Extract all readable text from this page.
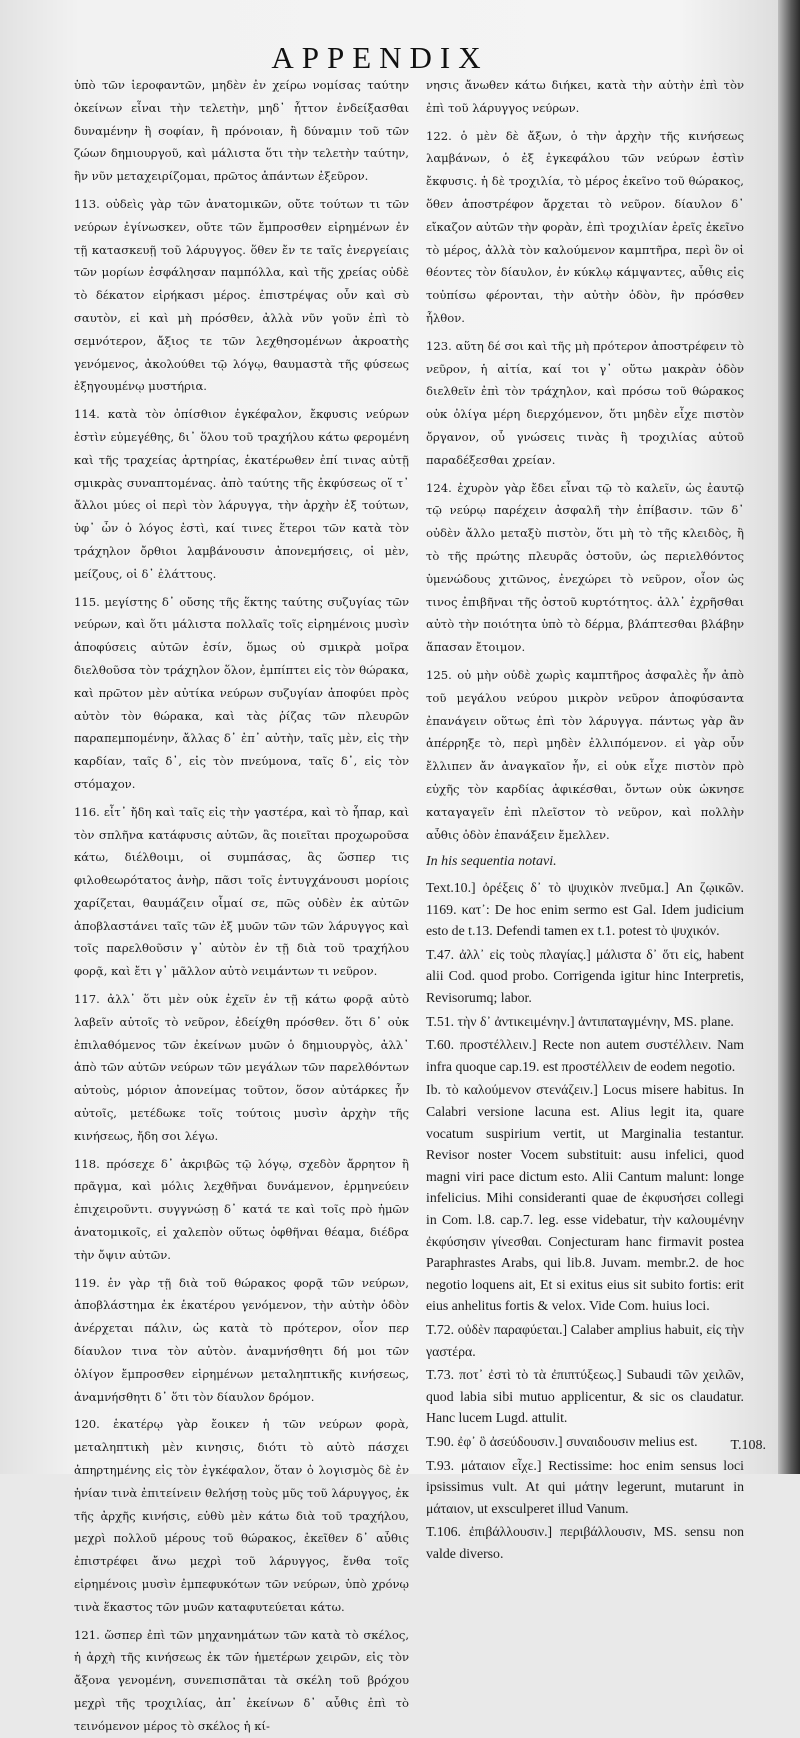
APPENDIX

ὑπὸ τῶν ἱεροφαντῶν, μηδὲν ἐν χείρω νομίσας ταύτην ὀκείνων εἶναι τὴν τελετὴν, μηδ᾽ ἧττον ἐνδείξασθαι δυναμένην ἢ σοφίαν, ἢ πρόνοιαν, ἢ δύναμιν τοῦ τῶν ζώων δημιουργοῦ, καὶ μάλιστα ὅτι τὴν τελετὴν ταύτην, ἣν νῦν μεταχειρίζομαι, πρῶτος ἁπάντων ἐξεῦρον.

113. οὐδεὶς γὰρ τῶν ἀνατομικῶν, οὔτε τούτων τι τῶν νεύρων ἐγίνωσκεν, οὔτε τῶν ἔμπροσθεν εἰρημένων ἐν τῇ κατασκευῇ τοῦ λάρυγγος. ὅθεν ἔν τε ταῖς ἐνεργείαις τῶν μορίων ἐσφάλησαν παμπόλλα, καὶ τῆς χρείας οὐδὲ τὸ δέκατον εἰρήκασι μέρος. ἐπιστρέψας οὖν καὶ σὺ σαυτὸν, εἰ καὶ μὴ πρόσθεν, ἀλλὰ νῦν γοῦν ἐπὶ τὸ σεμνότερον, ἄξιος τε τῶν λεχθησομένων ἀκροατὴς γενόμενος, ἀκολούθει τῷ λόγῳ, θαυμαστὰ τῆς φύσεως ἐξηγουμένῳ μυστήρια.

114. κατὰ τὸν ὀπίσθιον ἐγκέφαλον, ἔκφυσις νεύρων ἐστὶν εὐμεγέθης, δι᾽ ὅλου τοῦ τραχήλου κάτω φερομένη καὶ τῆς τραχείας ἀρτηρίας, ἑκατέρωθεν ἐπί τινας αὐτῇ σμικρὰς συναπτομένας. ἀπὸ ταύτης τῆς ἐκφύσεως οἵ τ᾽ ἄλλοι μύες οἱ περὶ τὸν λάρυγγα, τὴν ἀρχὴν ἐξ τούτων, ὑφ᾽ ὧν ὁ λόγος ἐστὶ, καί τινες ἕτεροι τῶν κατὰ τὸν τράχηλον ὄρθιοι λαμβάνουσιν ἀπονεμήσεις, οἱ μὲν, μείζους, οἱ δ᾽ ἐλάττους.

115. μεγίστης δ᾽ οὔσης τῆς ἕκτης ταύτης συζυγίας τῶν νεύρων, καὶ ὅτι μάλιστα πολλαῖς τοῖς εἰρημένοις μυσὶν ἀποφύσεις αὐτῶν ἐσίν, ὅμως οὐ σμικρὰ μοῖρα διελθοῦσα τὸν τράχηλον ὅλον, ἐμπίπτει εἰς τὸν θώρακα, καὶ πρῶτον μὲν αὐτίκα νεύρων συζυγίαν ἀποφύει πρὸς αὐτὸν τὸν θώρακα, καὶ τὰς ῥίζας τῶν πλευρῶν παραπεμπομένην, ἄλλας δ᾽ ἐπ᾽ αὐτὴν, ταῖς μὲν, εἰς τὴν καρδίαν, ταῖς δ᾽, εἰς τὸν πνεύμονα, ταῖς δ᾽, εἰς τὸν στόμαχον.

116. εἶτ᾽ ἤδη καὶ ταῖς εἰς τὴν γαστέρα, καὶ τὸ ἧπαρ, καὶ τὸν σπλῆνα κατάφυσις αὐτῶν, ἃς ποιεῖται προχωροῦσα κάτω, διέλθοιμι, οἱ συμπάσας, ἃς ὥσπερ τις φιλοθεωρότατος ἀνὴρ, πᾶσι τοῖς ἐντυγχάνουσι μορίοις χαρίζεται, θαυμάζειν οἶμαί σε, πῶς οὐδὲν ἐκ αὐτῶν ἀποβλαστάνει ταῖς τῶν ἐξ μυῶν τῶν τῶν λάρυγγος καὶ τοῖς παρελθοῦσιν γ᾽ αὐτὸν ἐν τῇ διὰ τοῦ τραχήλου φορᾷ, καὶ ἔτι γ᾽ μᾶλλον αὐτὸ νειμάντων τι νεῦρον.

117. ἀλλ᾽ ὅτι μὲν οὐκ ἐχεῖν ἐν τῇ κάτω φορᾷ αὐτὸ λαβεῖν αὐτοῖς τὸ νεῦρον, ἐδείχθη πρόσθεν. ὅτι δ᾽ οὐκ ἐπιλαθόμενος τῶν ἐκείνων μυῶν ὁ δημιουργὸς, ἀλλ᾽ ἀπὸ τῶν αὐτῶν νεύρων τῶν μεγάλων τῶν παρελθόντων αὐτοὺς, μόριον ἀπονείμας τοῦτον, ὅσον αὐτάρκες ἦν αὐτοῖς, μετέδωκε τοῖς τούτοις μυσὶν ἀρχὴν τῆς κινήσεως, ἤδη σοι λέγω.

118. πρόσεχε δ᾽ ἀκριβῶς τῷ λόγῳ, σχεδὸν ἄρρητον ἢ πρᾶγμα, καὶ μόλις λεχθῆναι δυνάμενον, ἑρμηνεύειν ἐπιχειροῦντι. συγγνώσῃ δ᾽ κατά τε καὶ τοῖς πρὸ ἡμῶν ἀνατομικοῖς, εἰ χαλεπὸν οὕτως ὀφθῆναι θέαμα, διέδρα τὴν ὄψιν αὐτῶν.

119. ἐν γὰρ τῇ διὰ τοῦ θώρακος φορᾷ τῶν νεύρων, ἀποβλάστημα ἐκ ἑκατέρου γενόμενον, τὴν αὐτὴν ὁδὸν ἀνέρχεται πάλιν, ὡς κατὰ τὸ πρότερον, οἷον περ δίαυλον τινα τὸν αὐτὸν. ἀναμνήσθητι δή μοι τῶν ὀλίγον ἔμπροσθεν εἰρημένων μεταληπτικῆς κινήσεως, ἀναμνήσθητι δ᾽ ὅτι τὸν δίαυλον δρόμον.

120. ἑκατέρῳ γὰρ ἔοικεν ἡ τῶν νεύρων φορὰ, μεταληπτικὴ μὲν κινησις, διότι τὸ αὐτὸ πάσχει ἀπηρτημένης εἰς τὸν ἐγκέφαλον, ὅταν ὁ λογισμὸς δὲ ἐν ἡνίαν τινὰ ἐπιτείνειν θελήσῃ τοὺς μῦς τοῦ λάρυγγος, ἐκ τῆς ἀρχῆς κινήσις, εὐθὺ μὲν κάτω διὰ τοῦ τραχήλου, μεχρὶ πολλοῦ μέρους τοῦ θώρακος, ἐκεῖθεν δ᾽ αὖθις ἐπιστρέφει ἄνω μεχρὶ τοῦ λάρυγγος, ἔνθα τοῖς εἰρημένοις μυσὶν ἐμπεφυκότων τῶν νεύρων, ὑπὸ χρόνῳ τινὰ ἕκαστος τῶν μυῶν καταφυτεύεται κάτω.

121. ὥσπερ ἐπὶ τῶν μηχανημάτων τῶν κατὰ τὸ σκέλος, ἡ ἀρχὴ τῆς κινήσεως ἐκ τῶν ἡμετέρων χειρῶν, εἰς τὸν ἄξονα γενομένη, συνεπισπᾶται τὰ σκέλη τοῦ βρόχου μεχρὶ τῆς τροχιλίας, ἀπ᾽ ἐκείνων δ᾽ αὖθις ἐπὶ τὸ τεινόμενον μέρος τὸ σκέλος ἡ κί-

νησις ἄνωθεν κάτω διήκει, κατὰ τὴν αὐτὴν ἐπὶ τὸν ἐπὶ τοῦ λάρυγγος νεύρων.

122. ὁ μὲν δὲ ἄξων, ὁ τὴν ἀρχὴν τῆς κινήσεως λαμβάνων, ὁ ἐξ ἐγκεφάλου τῶν νεύρων ἐστὶν ἔκφυσις. ἡ δὲ τροχιλία, τὸ μέρος ἐκεῖνο τοῦ θώρακος, ὅθεν ἀποστρέφον ἄρχεται τὸ νεῦρον. δίαυλον δ᾽ εἴκαζον αὐτῶν τὴν φορὰν, ἐπὶ τροχιλίαν ἐρεῖς ἐκεῖνο τὸ μέρος, ἀλλὰ τὸν καλούμενον καμπτῆρα, περὶ ὃν οἱ θέοντες τὸν δίαυλον, ἐν κύκλῳ κάμψαντες, αὖθις εἰς τοὐπίσω φέρονται, τὴν αὐτὴν ὁδὸν, ἣν πρόσθεν ἦλθον.

123. αὕτη δέ σοι καὶ τῆς μὴ πρότερον ἀποστρέφειν τὸ νεῦρον, ἡ αἰτία, καί τοι γ᾽ οὕτω μακρὰν ὁδὸν διελθεῖν ἐπὶ τὸν τράχηλον, καὶ πρόσω τοῦ θώρακος οὐκ ὀλίγα μέρη διερχόμενον, ὅτι μηδὲν εἶχε πιστὸν ὄργανον, οὗ γνώσεις τινὰς ἢ τροχιλίας αὐτοῦ παραδέξεσθαι χρείαν.

124. ἐχυρὸν γὰρ ἔδει εἶναι τῷ τὸ καλεῖν, ὡς ἐαυτῷ τῷ νεύρῳ παρέχειν ἀσφαλῆ τὴν ἐπίβασιν. τῶν δ᾽ οὐδὲν ἄλλο μεταξὺ πιστὸν, ὅτι μὴ τὸ τῆς κλειδὸς, ἢ τὸ τῆς πρώτης πλευρᾶς ὀστοῦν, ὡς περιελθόντος ὑμενώδους χιτῶνος, ἐνεχώρει τὸ νεῦρον, οἷον ὠς τινος ἐπιβῆναι τῆς ὀστοῦ κυρτότητος. ἀλλ᾽ ἐχρῆσθαι αὐτὸ τὴν ποιότητα ὑπὸ τὸ δέρμα, βλάπτεσθαι βλάβην ἅπασαν ἔτοιμον.

125. οὐ μὴν οὐδὲ χωρὶς καμπτῆρος ἀσφαλὲς ἦν ἀπὸ τοῦ μεγάλου νεύρου μικρὸν νεῦρον ἀποφύσαντα ἐπανάγειν οὕτως ἐπὶ τὸν λάρυγγα. πάντως γὰρ ἂν ἀπέρρηξε τὸ, περὶ μηδὲν ἐλλιπόμενον. εἰ γὰρ οὖν ἔλλιπεν ἄν ἀναγκαῖον ἦν, εἰ οὐκ εἶχε πιστὸν πρὸ εὐχῆς τὸν καρδίας ἀφικέσθαι, ὄντων οὐκ ὠκνησε καταγαγεῖν ἐπὶ πλεῖστον τὸ νεῦρον, καὶ πολλὴν αὖθις ὁδὸν ἐπανάξειν ἔμελλεν.

In his sequentia notavi.

Text.10.] ὀρέξεις δ᾽ τὸ ψυχικὸν πνεῦμα.] An ζῳικῶν. 1169. κατ᾽: De hoc enim sermo est Gal. Idem judicium esto de t.13. Defendi tamen ex t.1. potest τὸ ψυχικόν.

T.47. ἀλλ᾽ εἰς τοὺς πλαγίας.] μάλιστα δ᾽ ὅτι εἰς, habent alii Cod. quod probo. Corrigenda igitur hinc Interpretis, Revisorumq; labor.

T.51. τὴν δ᾽ ἀντικειμένην.] ἀντιπαταγμένην, MS. plane.

T.60. προστέλλειν.] Recte non autem συστέλλειν. Nam infra quoque cap.19. est προστέλλειν de eodem negotio.

Ib. τὸ καλούμενον στενάζειν.] Locus misere habitus. In Calabri versione lacuna est. Alius legit ita, quare vocatum suspirium vertit, ut Marginalia testantur. Revisor noster Vocem substituit: ausu infelici, quod magni viri pace dictum esto. Alii Cantum malunt: longe infelicius. Mihi consideranti quae de ἐκφυσήσει collegi in Com. l.8. cap.7. leg. esse videbatur, τὴν καλουμένην ἐκφύσησιν γίνεσθαι. Conjecturam hanc firmavit postea Paraphrastes Arabs, qui lib.8. Juvam. membr.2. de hoc negotio loquens ait, Et si exitus eius sit subito fortis: erit eius anhelitus fortis & velox. Vide Com. huius loci.

T.72. οὐδὲν παραφύεται.] Calaber amplius habuit, εἰς τὴν γαστέρα.

T.73. ποτ᾽ ἐστὶ τὸ τὰ ἐπιπτύξεως.] Subaudi τῶν χειλῶν, quod labia sibi mutuo applicentur, & sic os claudatur. Hanc lucem Lugd. attulit.

T.90. ἐφ᾽ ὃ ἀσεύδουσιν.] συναιδουσιν melius est.

T.93. μάταιον εἶχε.] Rectissime: hoc enim sensus loci ipsissimus vult. At qui μάτην legerunt, mutarunt in μάταιον, ut exsculperet illud Vanum.

T.106. ἐπιβάλλουσιν.] περιβάλλουσιν, MS. sensu non valde diverso.

T.108.
